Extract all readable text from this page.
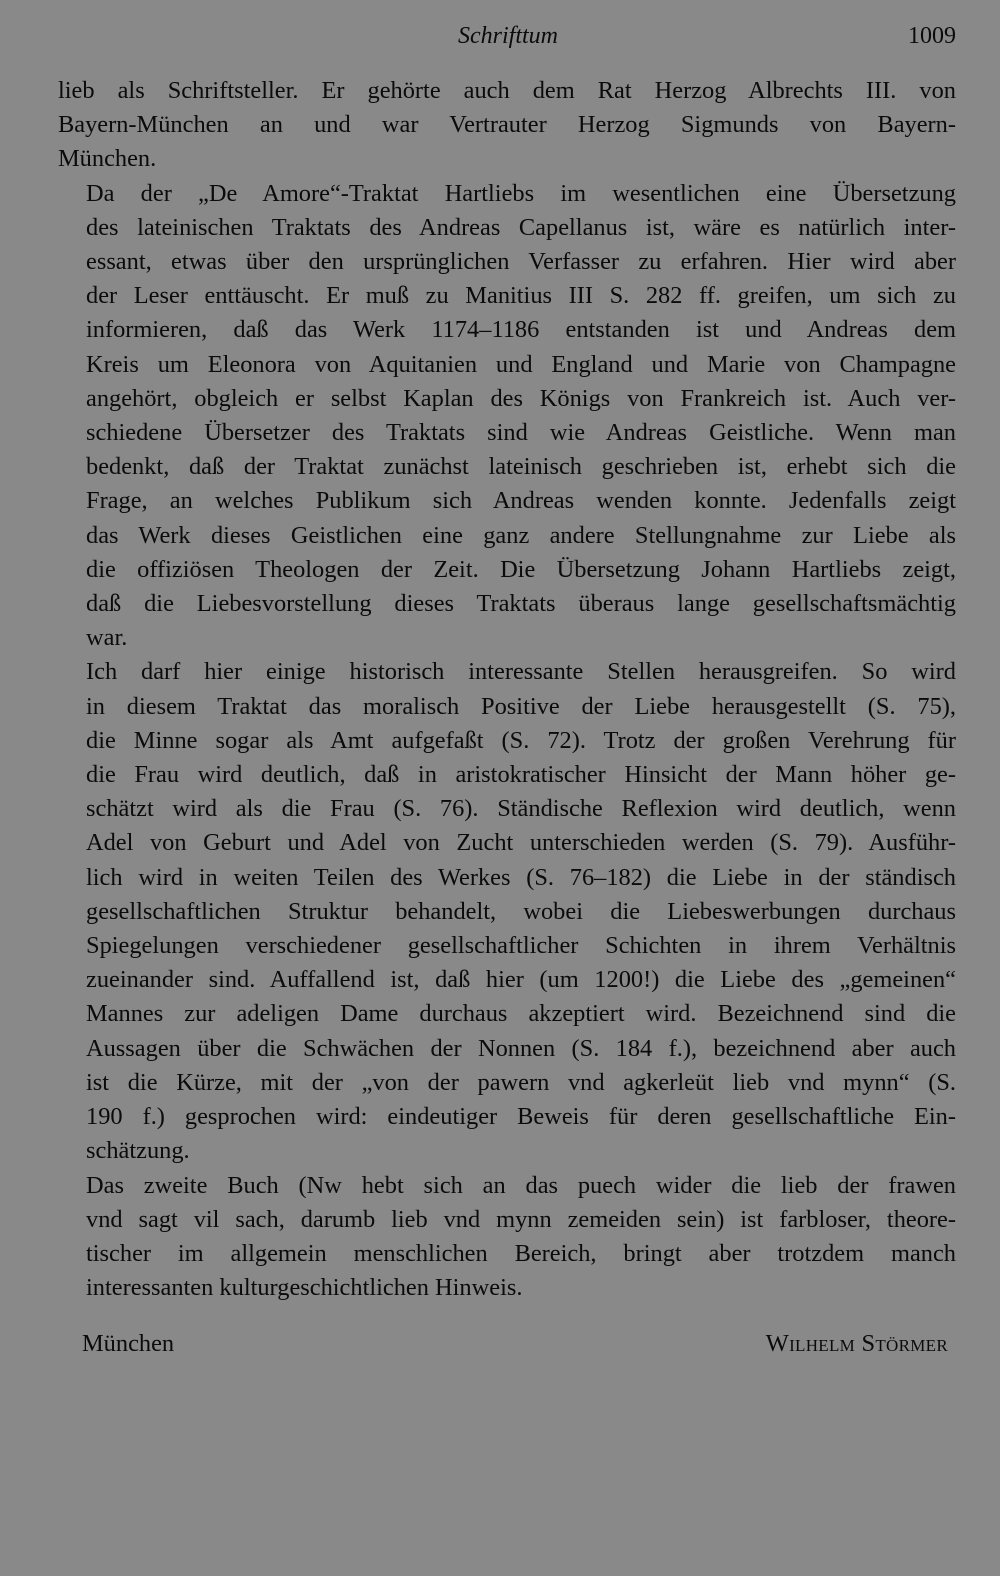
Schrifttum	1009

lieb als Schriftsteller. Er gehörte auch dem Rat Herzog Albrechts III. von
Bayern-München an und war Vertrauter Herzog Sigmunds von Bayern-
München.

Da der „De Amore“-Traktat Hartliebs im wesentlichen eine Übersetzung
des lateinischen Traktats des Andreas Capellanus ist, wäre es natürlich inter-
essant, etwas über den ursprünglichen Verfasser zu erfahren. Hier wird aber
der Leser enttäuscht. Er muß zu Manitius III S. 282 ff. greifen, um sich zu
informieren, daß das Werk 1174–1186 entstanden ist und Andreas dem
Kreis um Eleonora von Aquitanien und England und Marie von Champagne
angehört, obgleich er selbst Kaplan des Königs von Frankreich ist. Auch ver-
schiedene Übersetzer des Traktats sind wie Andreas Geistliche. Wenn man
bedenkt, daß der Traktat zunächst lateinisch geschrieben ist, erhebt sich die
Frage, an welches Publikum sich Andreas wenden konnte. Jedenfalls zeigt
das Werk dieses Geistlichen eine ganz andere Stellungnahme zur Liebe als
die offiziösen Theologen der Zeit. Die Übersetzung Johann Hartliebs zeigt,
daß die Liebesvorstellung dieses Traktats überaus lange gesellschaftsmächtig
war.

Ich darf hier einige historisch interessante Stellen herausgreifen. So wird
in diesem Traktat das moralisch Positive der Liebe herausgestellt (S. 75),
die Minne sogar als Amt aufgefaßt (S. 72). Trotz der großen Verehrung für
die Frau wird deutlich, daß in aristokratischer Hinsicht der Mann höher ge-
schätzt wird als die Frau (S. 76). Ständische Reflexion wird deutlich, wenn
Adel von Geburt und Adel von Zucht unterschieden werden (S. 79). Ausführ-
lich wird in weiten Teilen des Werkes (S. 76–182) die Liebe in der ständisch
gesellschaftlichen Struktur behandelt, wobei die Liebeswerbungen durchaus
Spiegelungen verschiedener gesellschaftlicher Schichten in ihrem Verhältnis
zueinander sind. Auffallend ist, daß hier (um 1200!) die Liebe des „gemeinen“
Mannes zur adeligen Dame durchaus akzeptiert wird. Bezeichnend sind die
Aussagen über die Schwächen der Nonnen (S. 184 f.), bezeichnend aber auch
ist die Kürze, mit der „von der pawern vnd agkerleüt lieb vnd mynn“ (S.
190 f.) gesprochen wird: eindeutiger Beweis für deren gesellschaftliche Ein-
schätzung.

Das zweite Buch (Nw hebt sich an das puech wider die lieb der frawen
vnd sagt vil sach, darumb lieb vnd mynn zemeiden sein) ist farbloser, theore-
tischer im allgemein menschlichen Bereich, bringt aber trotzdem manch
interessanten kulturgeschichtlichen Hinweis.

München	Wilhelm Störmer
